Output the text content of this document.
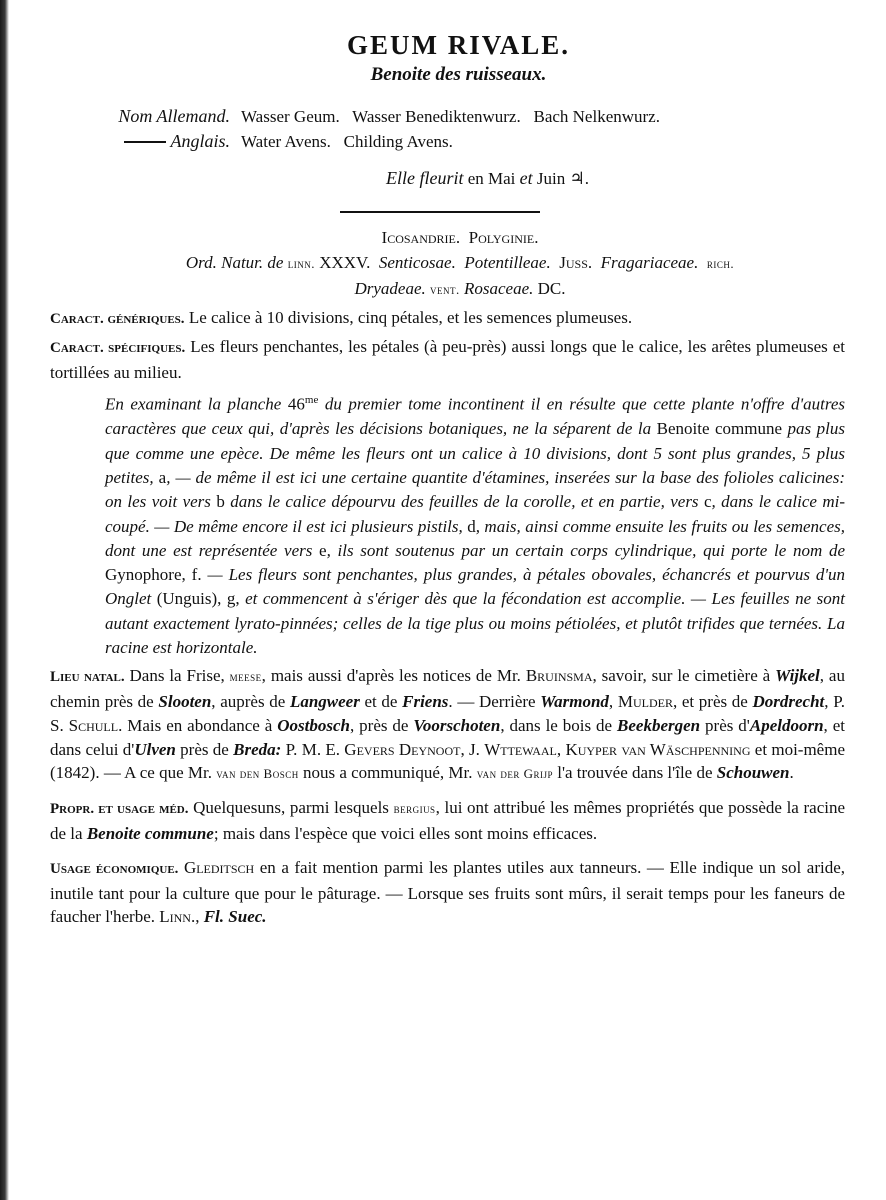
GEUM RIVALE.
Benoite des ruisseaux.
Nom Allemand. Wasser Geum.   Wasser Benediktenwurz.   Bach Nelkenwurz.
Anglais. Water Avens.   Childing Avens.
Elle fleurit en Mai et Juin ♃.
Icosandrie. Polyginie.
Ord. Natur. de linn. XXXV. Senticosae. Potentilleae. Juss. Fragariaceae. rich.
Dryadeae. vent. Rosaceae. DC.

Caract. génériques. Le calice à 10 divisions, cinq pétales, et les semences plumeuses.

Caract. spécifiques. Les fleurs penchantes, les pétales (à peu-près) aussi longs que le calice, les arêtes plumeuses et tortillées au milieu.

En examinant la planche $46^{me}$ du premier tome incontinent il en résulte que cette plante n'offre d'autres caractères que ceux qui, d'après les décisions botaniques, ne la séparent de la Benoite commune pas plus que comme une epèce. De même les fleurs ont un calice à 10 divisions, dont 5 sont plus grandes, 5 plus petites, a, — de même il est ici une certaine quantite d'étamines, inserées sur la base des folioles calicines: on les voit vers b dans le calice dépourvu des feuilles de la corolle, et en partie, vers c, dans le calice mi-coupé. — De même encore il est ici plusieurs pistils, d, mais, ainsi comme ensuite les fruits ou les semences, dont une est représentée vers e, ils sont soutenus par un certain corps cylindrique, qui porte le nom de Gynophore, f. — Les fleurs sont penchantes, plus grandes, à pétales obovales, échancrés et pourvus d'un Onglet (Unguis), g, et commencent à s'ériger dès que la fécondation est accomplie. — Les feuilles ne sont autant exactement lyrato-pinnées; celles de la tige plus ou moins pétiolées, et plutôt trifides que ternées. La racine est horizontale.

Lieu natal. Dans la Frise, meese, mais aussi d'après les notices de Mr. Bruinsma, savoir, sur le cimetière à Wijkel, au chemin près de Slooten, auprès de Langweer et de Friens. — Derrière Warmond, Mulder, et près de Dordrecht, P. S. Schull. Mais en abondance à Oostbosch, près de Voorschoten, dans le bois de Beekbergen près d'Apeldoorn, et dans celui d'Ulven près de Breda: P. M. E. Gevers Deynoot, J. Wttewaal, Kuyper van Wäschpenning et moi-même (1842). — A ce que Mr. van den Bosch nous a communiqué, Mr. van der Grijp l'a trouvée dans l'île de Schouwen.

Propr. et usage méd. Quelquesuns, parmi lesquels bergius, lui ont attribué les mêmes propriétés que possède la racine de la Benoite commune; mais dans l'espèce que voici elles sont moins efficaces.

Usage économique. Gleditsch en a fait mention parmi les plantes utiles aux tanneurs. — Elle indique un sol aride, inutile tant pour la culture que pour le pâturage. — Lorsque ses fruits sont mûrs, il serait temps pour les faneurs de faucher l'herbe. Linn., Fl. Suec.
